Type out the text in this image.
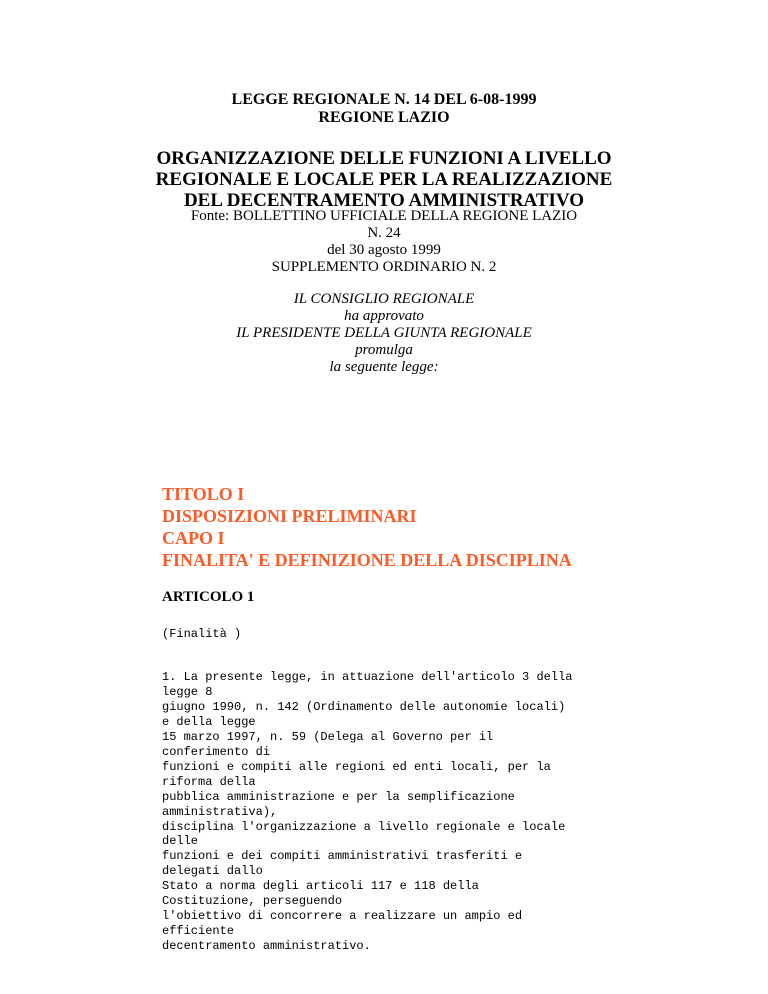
LEGGE REGIONALE N. 14 DEL 6-08-1999
REGIONE LAZIO
ORGANIZZAZIONE DELLE FUNZIONI A LIVELLO
REGIONALE E LOCALE PER LA REALIZZAZIONE
DEL DECENTRAMENTO AMMINISTRATIVO
Fonte: BOLLETTINO UFFICIALE DELLA REGIONE LAZIO
N. 24
del 30 agosto 1999
SUPPLEMENTO ORDINARIO N. 2
IL CONSIGLIO REGIONALE
ha approvato
IL PRESIDENTE DELLA GIUNTA REGIONALE
promulga
la seguente legge:
TITOLO I
DISPOSIZIONI PRELIMINARI
CAPO I
FINALITA' E DEFINIZIONE DELLA DISCIPLINA
ARTICOLO 1
(Finalità )
1. La presente legge, in attuazione dell'articolo 3 della
legge 8
giugno 1990, n. 142 (Ordinamento delle autonomie locali)
e della legge
15 marzo 1997, n. 59 (Delega al Governo per il
conferimento di
funzioni e compiti alle regioni ed enti locali, per la
riforma della
pubblica amministrazione e per la semplificazione
amministrativa),
disciplina l'organizzazione a livello regionale e locale
delle
funzioni e dei compiti amministrativi trasferiti e
delegati dallo
Stato a norma degli articoli 117 e 118 della
Costituzione, perseguendo
l'obiettivo di concorrere a realizzare un ampio ed
efficiente
decentramento amministrativo.
